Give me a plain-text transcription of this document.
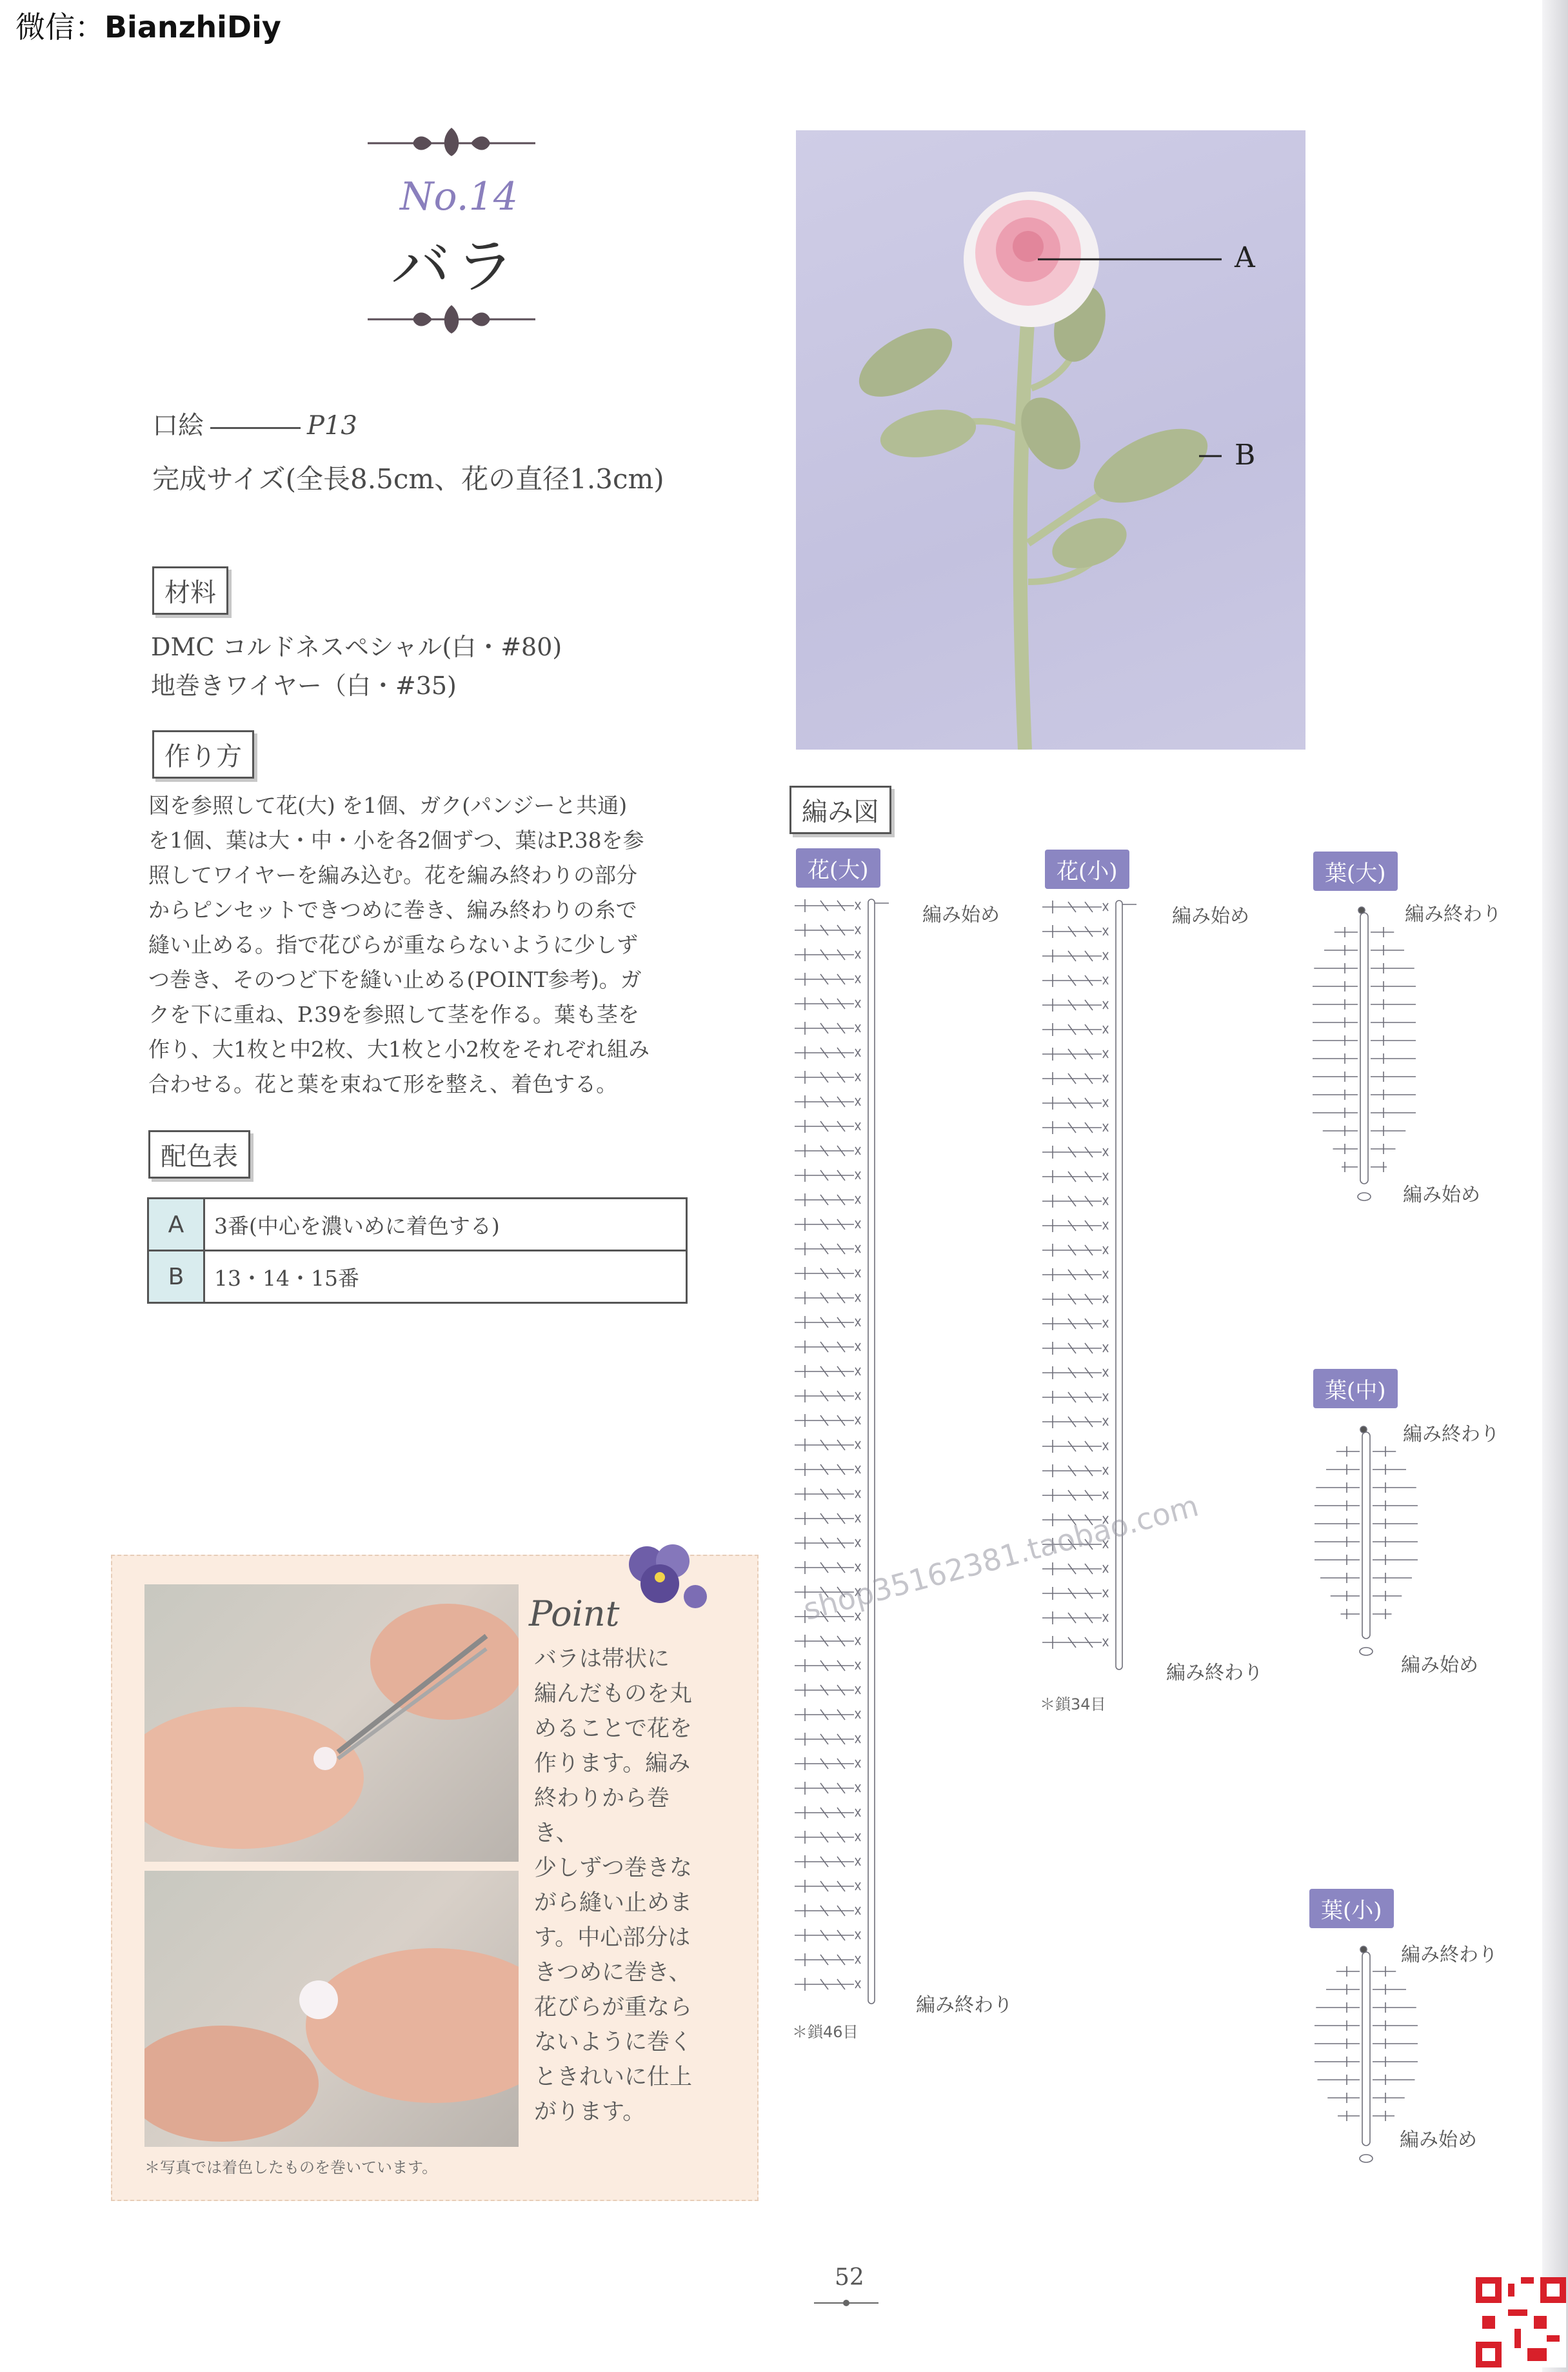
微信：BianzhiDiy
No.14
バラ
口絵	P13
完成サイズ(全長8.5cm、花の直径1.3cm)
材料
DMC コルドネスペシャル(白・#80)
地巻きワイヤー（白・#35)
作り方
図を参照して花(大) を1個、ガク(パンジーと共通)
を1個、葉は大・中・小を各2個ずつ、葉はP.38を参
照してワイヤーを編み込む。花を編み終わりの部分
からピンセットできつめに巻き、編み終わりの糸で
縫い止める。指で花びらが重ならないように少しず
つ巻き、そのつど下を縫い止める(POINT参考)。ガ
クを下に重ね、P.39を参照して茎を作る。葉も茎を
作り、大1枚と中2枚、大1枚と小2枚をそれぞれ組み
合わせる。花と葉を束ねて形を整え、着色する。
配色表
A	3番(中心を濃いめに着色する)
B	13・14・15番
A
B
編み図
花(大)
編み始め
編み終わり
＊鎖46目
花(小)
編み始め
編み終わり
＊鎖34目
葉(大)
編み終わり
編み始め
葉(中)
編み終わり
編み始め
葉(小)
編み終わり
編み始め
Point
バラは帯状に
編んだものを丸
めることで花を
作ります。編み
終わりから巻き、
少しずつ巻きな
がら縫い止めま
す。中心部分は
きつめに巻き、
花びらが重なら
ないように巻く
ときれいに仕上
がります。
＊写真では着色したものを巻いています。
shop35162381.taobao.com
52
